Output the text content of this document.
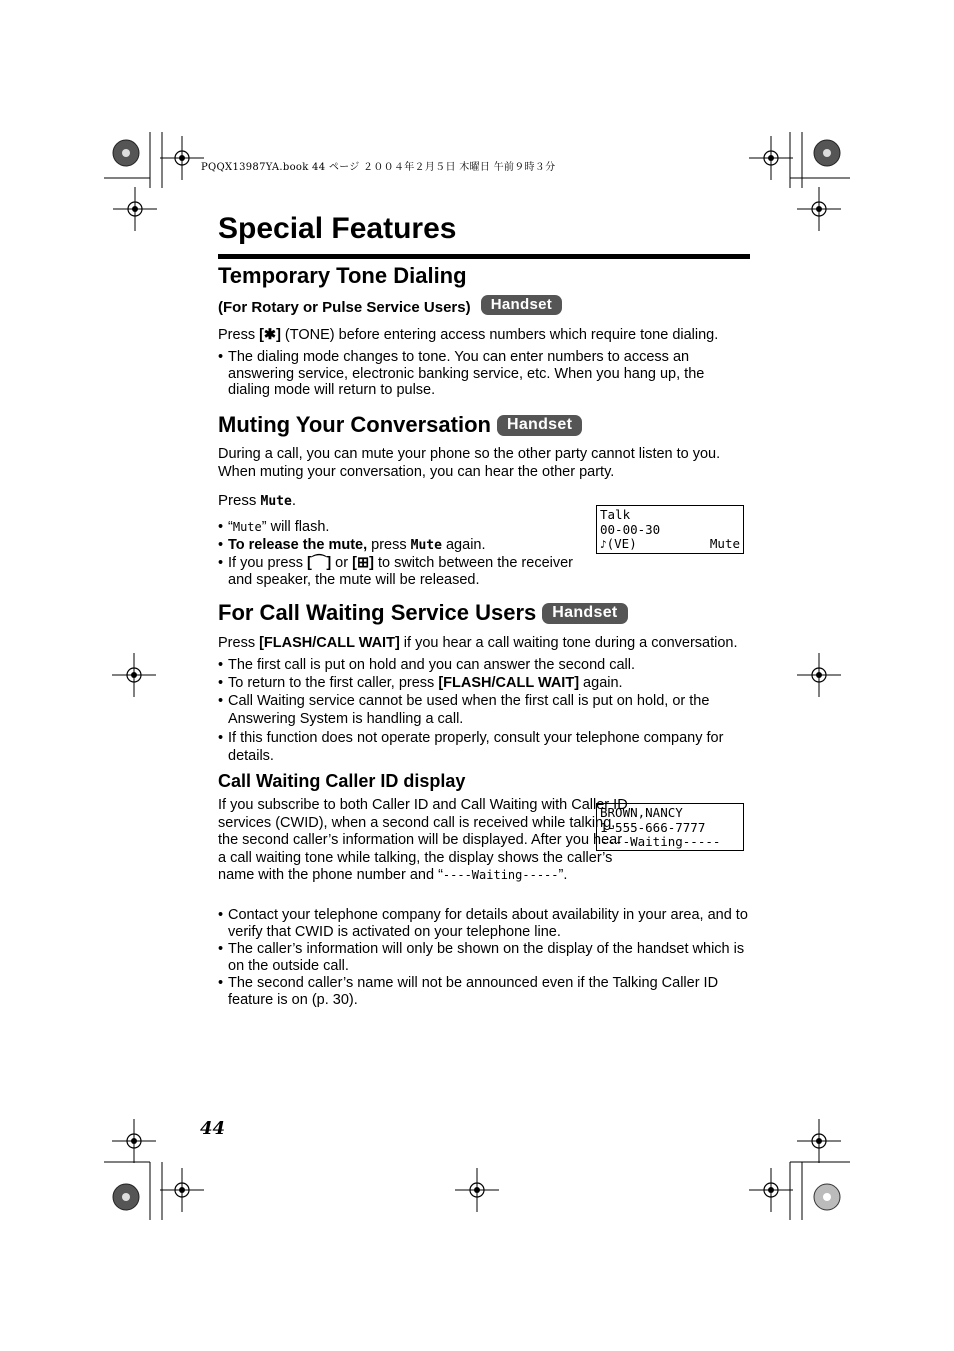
PQQX13987YA.book 44 ページ ２００４年２月５日 木曜日 午前９時３分
Special Features
Temporary Tone Dialing
(For Rotary or Pulse Service Users) Handset

Press [✱] (TONE) before entering access numbers which require tone dialing.

• The dialing mode changes to tone. You can enter numbers to access an answering service, electronic banking service, etc. When you hang up, the dialing mode will return to pulse.
Muting Your Conversation Handset

During a call, you can mute your phone so the other party cannot listen to you. When muting your conversation, you can hear the other party.

Press Mute.

• “Mute” will flash.
• To release the mute, press Mute again.
• If you press [⌒] or [⊞] to switch between the receiver and speaker, the mute will be released.
Talk
00-00-30
♪(VE)	Mute
For Call Waiting Service Users Handset

Press [FLASH/CALL WAIT] if you hear a call waiting tone during a conversation.

• The first call is put on hold and you can answer the second call.
• To return to the first caller, press [FLASH/CALL WAIT] again.
• Call Waiting service cannot be used when the first call is put on hold, or the Answering System is handling a call.
• If this function does not operate properly, consult your telephone company for details.
Call Waiting Caller ID display

If you subscribe to both Caller ID and Call Waiting with Caller ID services (CWID), when a second call is received while talking, the second caller’s information will be displayed. After you hear a call waiting tone while talking, the display shows the caller’s name with the phone number and “----Waiting-----”.

BROWN,NANCY
1-555-666-7777
----Waiting-----
• Contact your telephone company for details about availability in your area, and to verify that CWID is activated on your telephone line.
• The caller’s information will only be shown on the display of the handset which is on the outside call.
• The second caller’s name will not be announced even if the Talking Caller ID feature is on (p. 30).
44
